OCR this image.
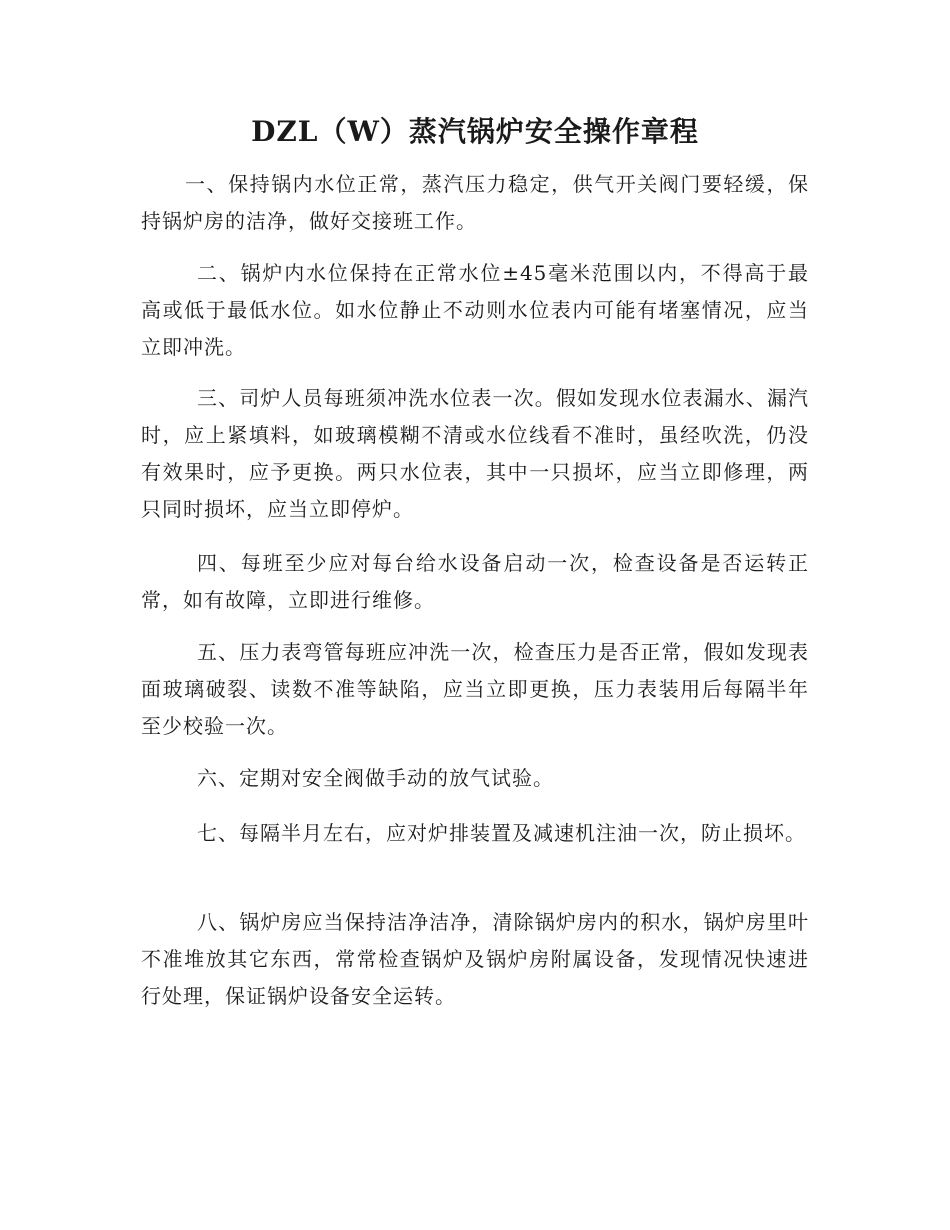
DZL（W）蒸汽锅炉安全操作章程

一、保持锅内水位正常，蒸汽压力稳定，供气开关阀门要轻缓，保持锅炉房的洁净，做好交接班工作。

二、锅炉内水位保持在正常水位±45毫米范围以内，不得高于最高或低于最低水位。如水位静止不动则水位表内可能有堵塞情况，应当立即冲洗。

三、司炉人员每班须冲洗水位表一次。假如发现水位表漏水、漏汽时，应上紧填料，如玻璃模糊不清或水位线看不准时，虽经吹洗，仍没有效果时，应予更换。两只水位表，其中一只损坏，应当立即修理，两只同时损坏，应当立即停炉。

四、每班至少应对每台给水设备启动一次，检查设备是否运转正常，如有故障，立即进行维修。

五、压力表弯管每班应冲洗一次，检查压力是否正常，假如发现表面玻璃破裂、读数不准等缺陷，应当立即更换，压力表装用后每隔半年至少校验一次。

六、定期对安全阀做手动的放气试验。

七、每隔半月左右，应对炉排装置及减速机注油一次，防止损坏。

八、锅炉房应当保持洁净洁净，清除锅炉房内的积水，锅炉房里叶不准堆放其它东西，常常检查锅炉及锅炉房附属设备，发现情况快速进行处理，保证锅炉设备安全运转。
